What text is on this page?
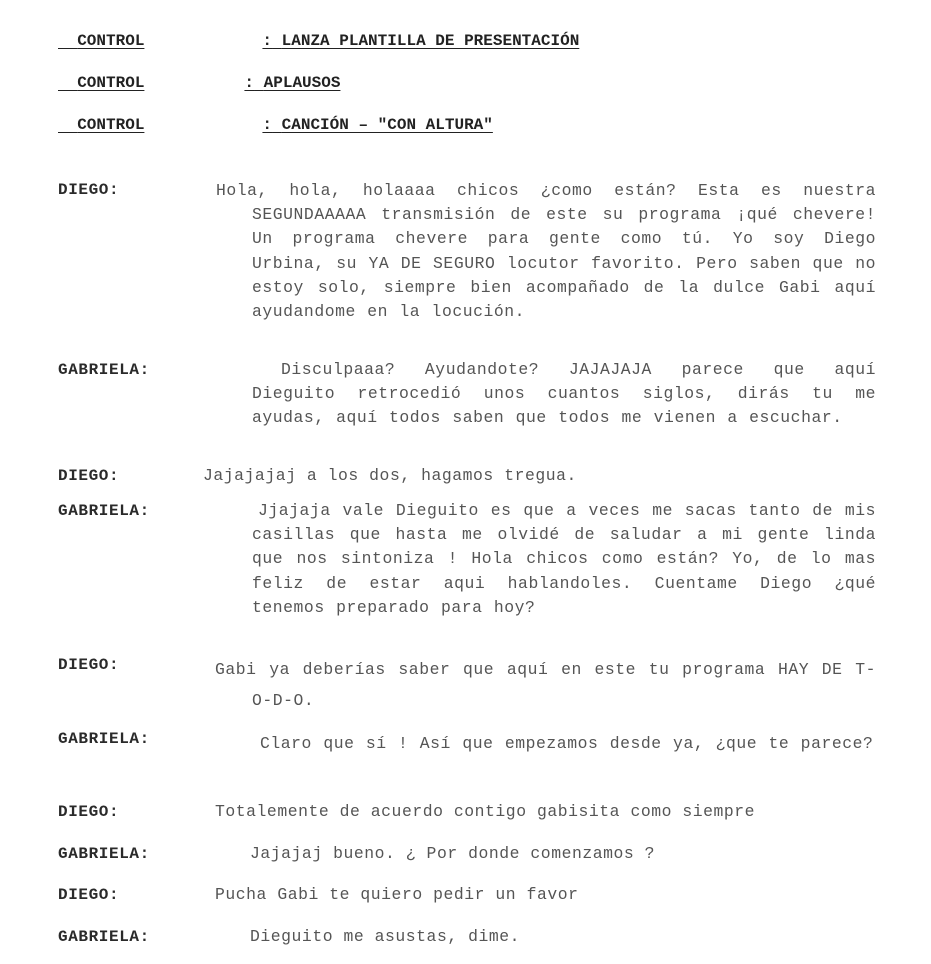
CONTROL	: LANZA PLANTILLA DE PRESENTACIÓN

CONTROL	: APLAUSOS

CONTROL	: CANCIÓN – "CON ALTURA"

DIEGO:	Hola, hola, holaaaa chicos ¿como están? Esta es nuestra SEGUNDAAAAA transmisión de este su programa ¡qué chevere! Un programa chevere para gente como tú. Yo soy Diego Urbina, su YA DE SEGURO locutor favorito. Pero saben que no estoy solo, siempre bien acompañado de la dulce Gabi aquí ayudandome en la locución.
GABRIELA:	Disculpaaa? Ayudandote? JAJAJAJA parece que aquí Dieguito retrocedió unos cuantos siglos, dirás tu me ayudas, aquí todos saben que todos me vienen a escuchar.
DIEGO:	Jajajajaj a los dos, hagamos tregua.
GABRIELA:	Jjajaja vale Dieguito es que a veces me sacas tanto de mis casillas que hasta me olvidé de saludar a mi gente linda que nos sintoniza ! Hola chicos como están? Yo, de lo mas feliz de estar aqui hablandoles. Cuentame Diego ¿qué tenemos preparado para hoy?
DIEGO:	Gabi ya deberías saber que aquí en este tu programa HAY DE T-O-D-O.
GABRIELA:	Claro que sí ! Así que empezamos desde ya, ¿que te parece?
DIEGO:	Totalemente de acuerdo contigo gabisita como siempre
GABRIELA:	Jajajaj bueno. ¿ Por donde comenzamos ?
DIEGO:	Pucha Gabi te quiero pedir un favor
GABRIELA:	Dieguito me asustas, dime.
